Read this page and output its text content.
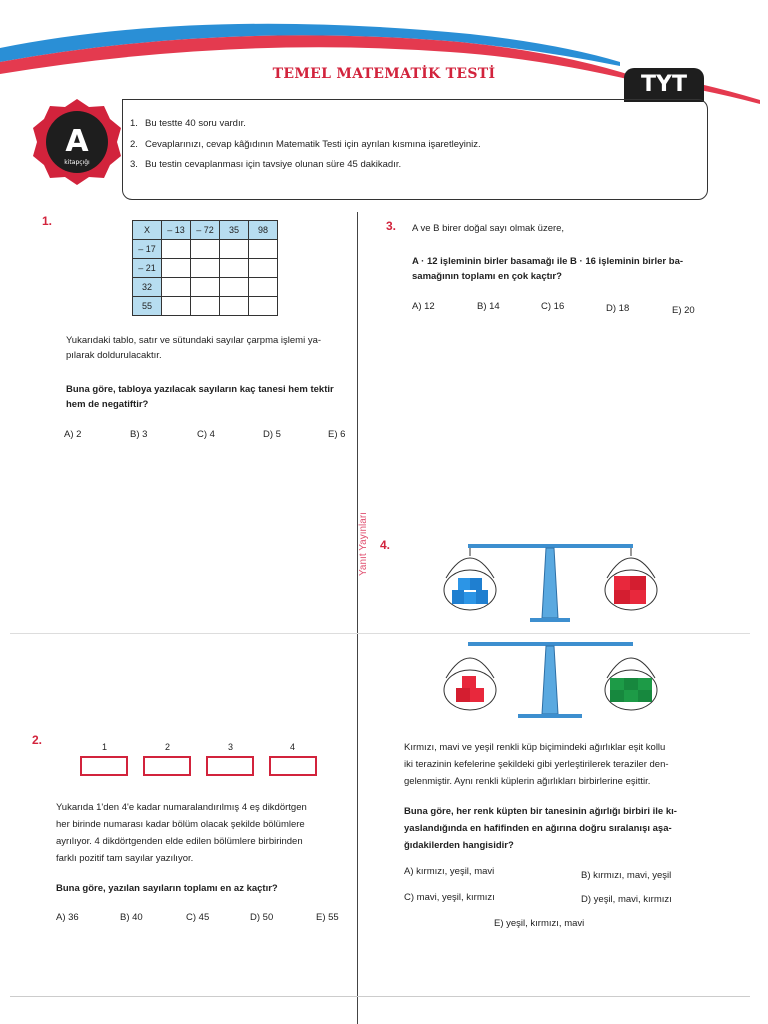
TEMEL MATEMATİK TESTİ	TYT
A
kitapçığı
1. Bu testte 40 soru vardır.
2. Cevaplarınızı, cevap kâğıdının Matematik Testi için ayrılan kısmına işaretleyiniz.
3. Bu testin cevaplanması için tavsiye olunan süre 45 dakikadır.
Yanıt Yayınları
1.
X	– 13	– 72	35	98
– 17				
– 21				
32				
55				
Yukarıdaki tablo, satır ve sütundaki sayılar çarpma işlemi ya-
pılarak doldurulacaktır.
Buna göre, tabloya yazılacak sayıların kaç tanesi hem tektir
hem de negatiftir?
A) 2	B) 3	C) 4	D) 5	E) 6
2.	1	2	3	4
Yukarıda 1'den 4'e kadar numaralandırılmış 4 eş dikdörtgen
her birinde numarası kadar bölüm olacak şekilde bölümlere
ayrılıyor. 4 dikdörtgenden elde edilen bölümlere birbirinden
farklı pozitif tam sayılar yazılıyor.
Buna göre, yazılan sayıların toplamı en az kaçtır?
A) 36	B) 40	C) 45	D) 50	E) 55
3. A ve B birer doğal sayı olmak üzere,
A · 12 işleminin birler basamağı ile B · 16 işleminin birler ba-
samağının toplamı en çok kaçtır?
A) 12	B) 14	C) 16	D) 18	E) 20
4.
Kırmızı, mavi ve yeşil renkli küp biçimindeki ağırlıklar eşit kollu
iki terazinin kefelerine şekildeki gibi yerleştirilerek teraziler den-
gelenmiştir. Aynı renkli küplerin ağırlıkları birbirlerine eşittir.
Buna göre, her renk küpten bir tanesinin ağırlığı birbiri ile kı-
yaslandığında en hafifinden en ağırına doğru sıralanışı aşa-
ğıdakilerden hangisidir?
A) kırmızı, yeşil, mavi	B) kırmızı, mavi, yeşil
C) mavi, yeşil, kırmızı	D) yeşil, mavi, kırmızı
E) yeşil, kırmızı, mavi
